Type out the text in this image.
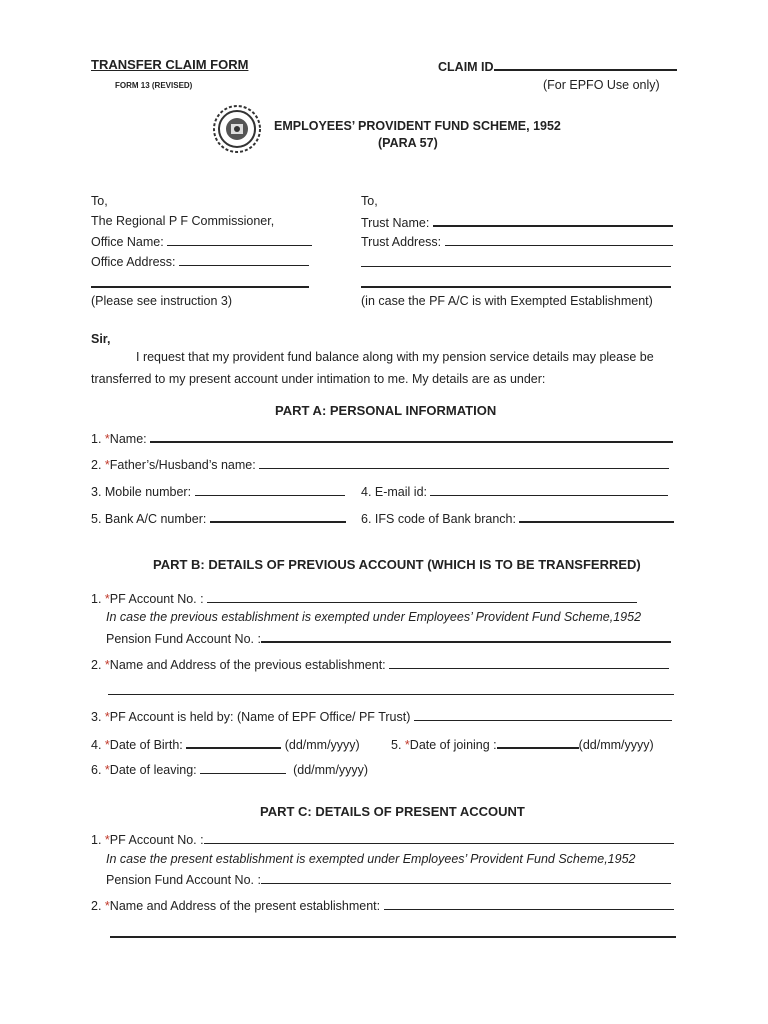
TRANSFER CLAIM FORM
FORM 13 (REVISED)
CLAIM ID
(For EPFO Use only)
EMPLOYEES’ PROVIDENT FUND SCHEME, 1952
(PARA 57)
To,
The Regional P F Commissioner,
Office Name:
Office Address:
(Please see instruction 3)
To,
Trust Name:
Trust Address:
(in case the PF A/C is with Exempted Establishment)
Sir,
I request that my provident fund balance along with my pension service details may please be
transferred to my present account under intimation to me. My details are as under:
PART A: PERSONAL INFORMATION
1. *Name:
2. *Father’s/Husband’s name:
3. Mobile number:	4. E-mail id:
5. Bank A/C number:	6. IFS code of Bank branch:
PART B: DETAILS OF PREVIOUS ACCOUNT (WHICH IS TO BE TRANSFERRED)
1. *PF Account No. :
In case the previous establishment is exempted under Employees’ Provident Fund Scheme,1952
Pension Fund Account No. :
2. *Name and Address of the previous establishment:
3. *PF Account is held by: (Name of EPF Office/ PF Trust)
4. *Date of Birth:	(dd/mm/yyyy)	5. *Date of joining :	(dd/mm/yyyy)
6. *Date of leaving:	(dd/mm/yyyy)
PART C: DETAILS OF PRESENT ACCOUNT
1. *PF Account No. :
In case the present establishment is exempted under Employees’ Provident Fund Scheme,1952
Pension Fund Account No. :
2. *Name and Address of the present establishment:
